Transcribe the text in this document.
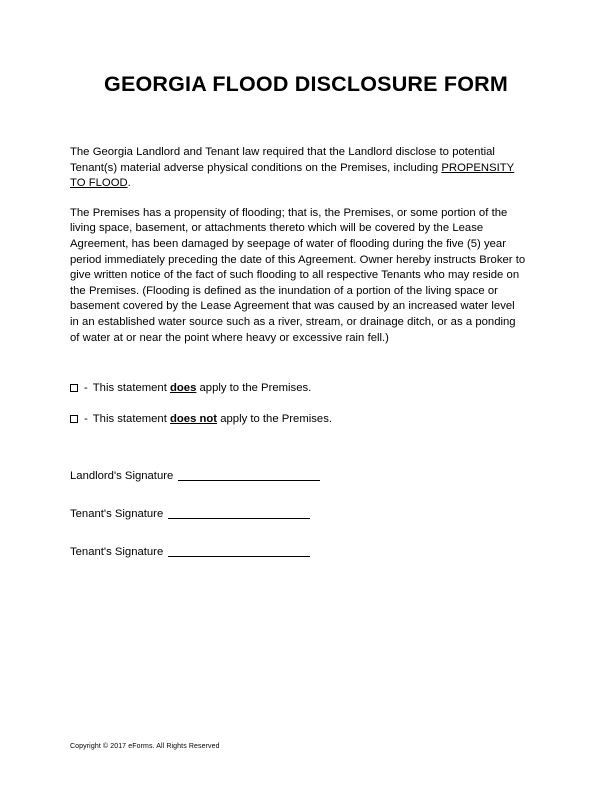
GEORGIA FLOOD DISCLOSURE FORM

The Georgia Landlord and Tenant law required that the Landlord disclose to potential Tenant(s) material adverse physical conditions on the Premises, including PROPENSITY TO FLOOD.

The Premises has a propensity of flooding; that is, the Premises, or some portion of the living space, basement, or attachments thereto which will be covered by the Lease Agreement, has been damaged by seepage of water of flooding during the five (5) year period immediately preceding the date of this Agreement. Owner hereby instructs Broker to give written notice of the fact of such flooding to all respective Tenants who may reside on the Premises. (Flooding is defined as the inundation of a portion of the living space or basement covered by the Lease Agreement that was caused by an increased water level in an established water source such as a river, stream, or drainage ditch, or as a ponding of water at or near the point where heavy or excessive rain fell.)

- This statement does apply to the Premises.
- This statement does not apply to the Premises.
Landlord's Signature
Tenant's Signature
Tenant's Signature
Copyright © 2017 eForms. All Rights Reserved
